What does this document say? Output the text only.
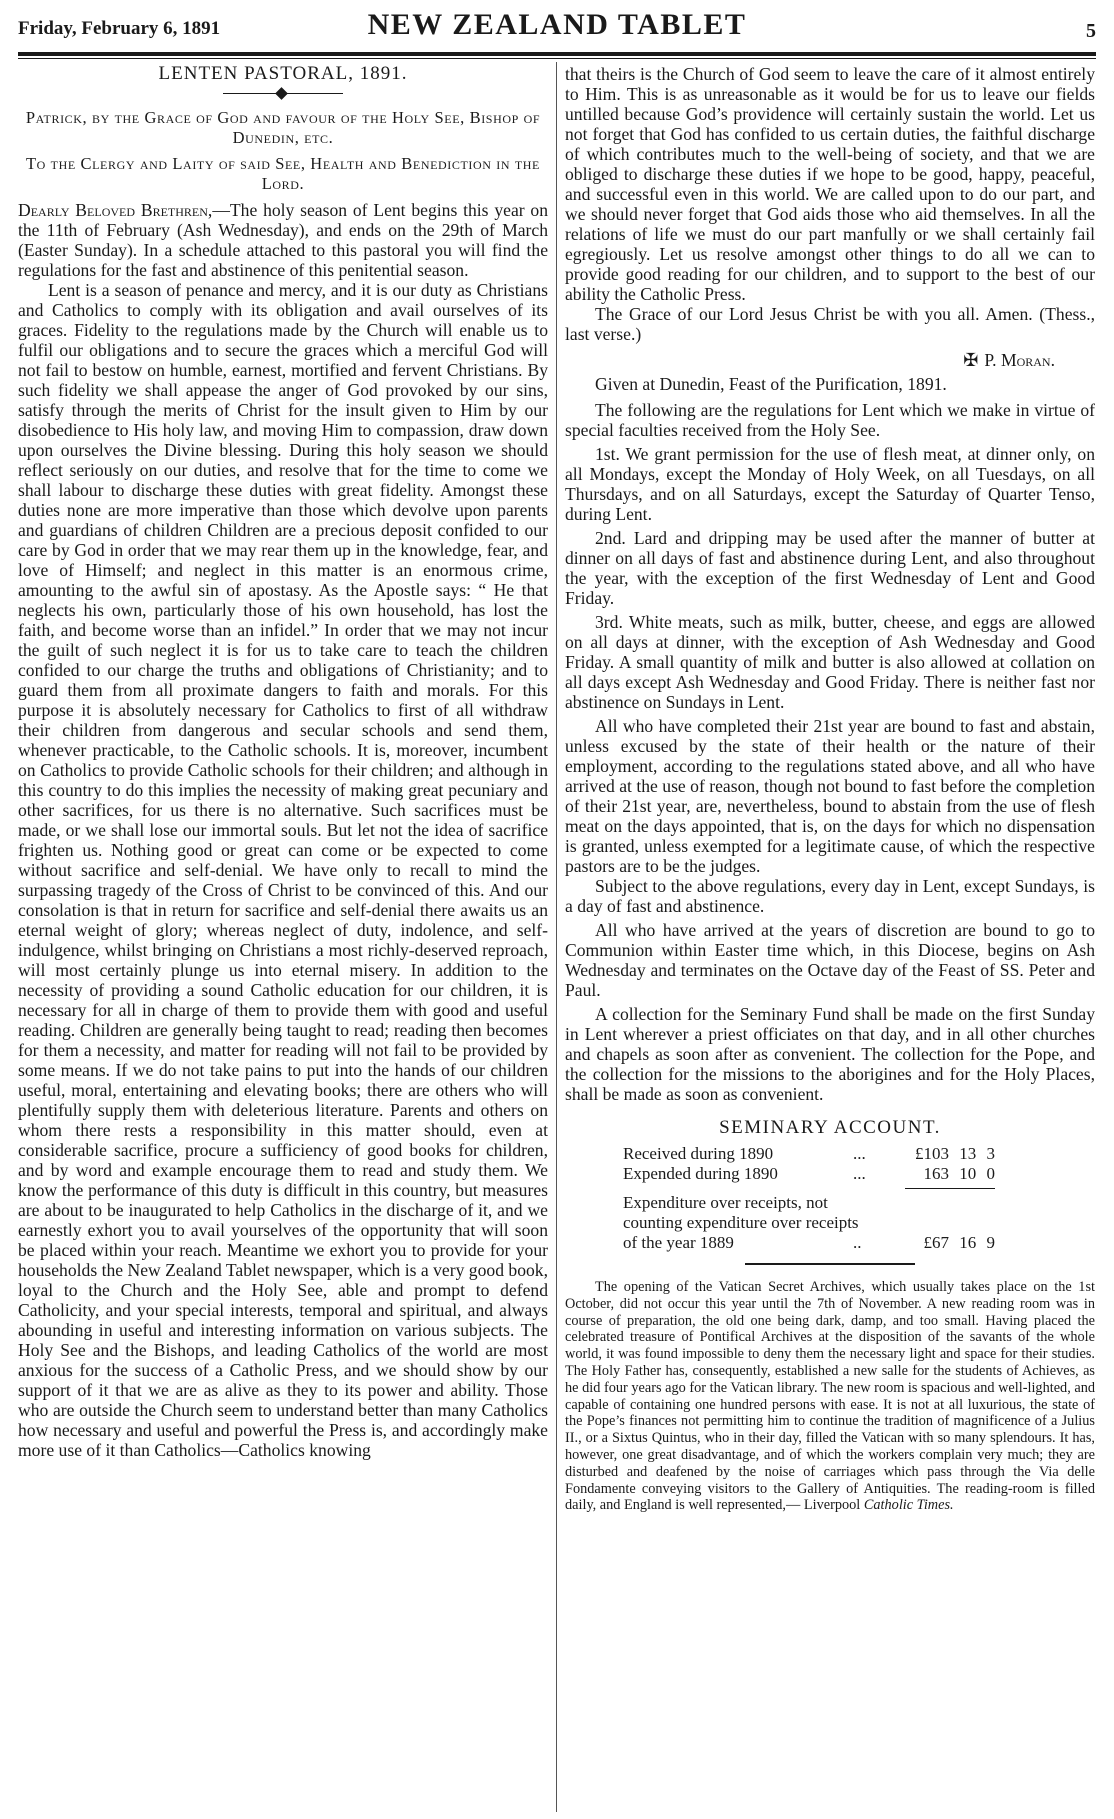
Friday, February 6, 1891	NEW ZEALAND TABLET	5
LENTEN PASTORAL, 1891.
Patrick, by the Grace of God and favour of the Holy See, Bishop of Dunedin, etc.
To the Clergy and Laity of said See, Health and Benediction in the Lord.

Dearly Beloved Brethren,—The holy season of Lent begins this year on the 11th of February (Ash Wednesday), and ends on the 29th of March (Easter Sunday). In a schedule attached to this pastoral you will find the regulations for the fast and abstinence of this penitential season.

Lent is a season of penance and mercy, and it is our duty as Christians and Catholics to comply with its obligation and avail ourselves of its graces. Fidelity to the regulations made by the Church will enable us to fulfil our obligations and to secure the graces which a merciful God will not fail to bestow on humble, earnest, mortified and fervent Christians. By such fidelity we shall appease the anger of God provoked by our sins, satisfy through the merits of Christ for the insult given to Him by our disobedience to His holy law, and moving Him to compassion, draw down upon ourselves the Divine blessing. During this holy season we should reflect seriously on our duties, and resolve that for the time to come we shall labour to discharge these duties with great fidelity. Amongst these duties none are more imperative than those which devolve upon parents and guardians of children Children are a precious deposit confided to our care by God in order that we may rear them up in the knowledge, fear, and love of Himself; and neglect in this matter is an enormous crime, amounting to the awful sin of apostasy. As the Apostle says: “ He that neglects his own, particularly those of his own household, has lost the faith, and become worse than an infidel.” In order that we may not incur the guilt of such neglect it is for us to take care to teach the children confided to our charge the truths and obligations of Christianity; and to guard them from all proximate dangers to faith and morals. For this purpose it is absolutely necessary for Catholics to first of all withdraw their children from dangerous and secular schools and send them, whenever practicable, to the Catholic schools. It is, moreover, incumbent on Catholics to provide Catholic schools for their children; and although in this country to do this implies the necessity of making great pecuniary and other sacrifices, for us there is no alternative. Such sacrifices must be made, or we shall lose our immortal souls. But let not the idea of sacrifice frighten us. Nothing good or great can come or be expected to come without sacrifice and self-denial. We have only to recall to mind the surpassing tragedy of the Cross of Christ to be convinced of this. And our consolation is that in return for sacrifice and self-denial there awaits us an eternal weight of glory; whereas neglect of duty, indolence, and self-indulgence, whilst bringing on Christians a most richly-deserved reproach, will most certainly plunge us into eternal misery. In addition to the necessity of providing a sound Catholic education for our children, it is necessary for all in charge of them to provide them with good and useful reading. Children are generally being taught to read; reading then becomes for them a necessity, and matter for reading will not fail to be provided by some means. If we do not take pains to put into the hands of our children useful, moral, entertaining and elevating books; there are others who will plentifully supply them with deleterious literature. Parents and others on whom there rests a responsibility in this matter should, even at considerable sacrifice, procure a sufficiency of good books for children, and by word and example encourage them to read and study them. We know the performance of this duty is difficult in this country, but measures are about to be inaugurated to help Catholics in the discharge of it, and we earnestly exhort you to avail yourselves of the opportunity that will soon be placed within your reach. Meantime we exhort you to provide for your households the New Zealand Tablet newspaper, which is a very good book, loyal to the Church and the Holy See, able and prompt to defend Catholicity, and your special interests, temporal and spiritual, and always abounding in useful and interesting information on various subjects. The Holy See and the Bishops, and leading Catholics of the world are most anxious for the success of a Catholic Press, and we should show by our support of it that we are as alive as they to its power and ability. Those who are outside the Church seem to understand better than many Catholics how necessary and useful and powerful the Press is, and accordingly make more use of it than Catholics—Catholics knowing

that theirs is the Church of God seem to leave the care of it almost entirely to Him. This is as unreasonable as it would be for us to leave our fields untilled because God’s providence will certainly sustain the world. Let us not forget that God has confided to us certain duties, the faithful discharge of which contributes much to the well-being of society, and that we are obliged to discharge these duties if we hope to be good, happy, peaceful, and successful even in this world. We are called upon to do our part, and we should never forget that God aids those who aid themselves. In all the relations of life we must do our part manfully or we shall certainly fail egregiously. Let us resolve amongst other things to do all we can to provide good reading for our children, and to support to the best of our ability the Catholic Press.

The Grace of our Lord Jesus Christ be with you all. Amen. (Thess., last verse.)

✠ P. Moran.

Given at Dunedin, Feast of the Purification, 1891.

The following are the regulations for Lent which we make in virtue of special faculties received from the Holy See.

1st. We grant permission for the use of flesh meat, at dinner only, on all Mondays, except the Monday of Holy Week, on all Tuesdays, on all Thursdays, and on all Saturdays, except the Saturday of Quarter Tenso, during Lent.

2nd. Lard and dripping may be used after the manner of butter at dinner on all days of fast and abstinence during Lent, and also throughout the year, with the exception of the first Wednesday of Lent and Good Friday.

3rd. White meats, such as milk, butter, cheese, and eggs are allowed on all days at dinner, with the exception of Ash Wednesday and Good Friday. A small quantity of milk and butter is also allowed at collation on all days except Ash Wednesday and Good Friday. There is neither fast nor abstinence on Sundays in Lent.

All who have completed their 21st year are bound to fast and abstain, unless excused by the state of their health or the nature of their employment, according to the regulations stated above, and all who have arrived at the use of reason, though not bound to fast before the completion of their 21st year, are, nevertheless, bound to abstain from the use of flesh meat on the days appointed, that is, on the days for which no dispensation is granted, unless exempted for a legitimate cause, of which the respective pastors are to be the judges.

Subject to the above regulations, every day in Lent, except Sundays, is a day of fast and abstinence.

All who have arrived at the years of discretion are bound to go to Communion within Easter time which, in this Diocese, begins on Ash Wednesday and terminates on the Octave day of the Feast of SS. Peter and Paul.

A collection for the Seminary Fund shall be made on the first Sunday in Lent wherever a priest officiates on that day, and in all other churches and chapels as soon after as convenient. The collection for the Pope, and the collection for the missions to the aborigines and for the Holy Places, shall be made as soon as convenient.

SEMINARY ACCOUNT.
Received during 1890	...	£103 13 3
Expended during 1890	...	163 10 0
Expenditure over receipts, not
counting expenditure over receipts
of the year 1889	..	£67 16 9

The opening of the Vatican Secret Archives, which usually takes place on the 1st October, did not occur this year until the 7th of November. A new reading room was in course of preparation, the old one being dark, damp, and too small. Having placed the celebrated treasure of Pontifical Archives at the disposition of the savants of the whole world, it was found impossible to deny them the necessary light and space for their studies. The Holy Father has, consequently, established a new salle for the students of Achieves, as he did four years ago for the Vatican library. The new room is spacious and well-lighted, and capable of containing one hundred persons with ease. It is not at all luxurious, the state of the Pope’s finances not permitting him to continue the tradition of magnificence of a Julius II., or a Sixtus Quintus, who in their day, filled the Vatican with so many splendours. It has, however, one great disadvantage, and of which the workers complain very much; they are disturbed and deafened by the noise of carriages which pass through the Via delle Fondamente conveying visitors to the Gallery of Antiquities. The reading-room is filled daily, and England is well represented,— Liverpool Catholic Times.
